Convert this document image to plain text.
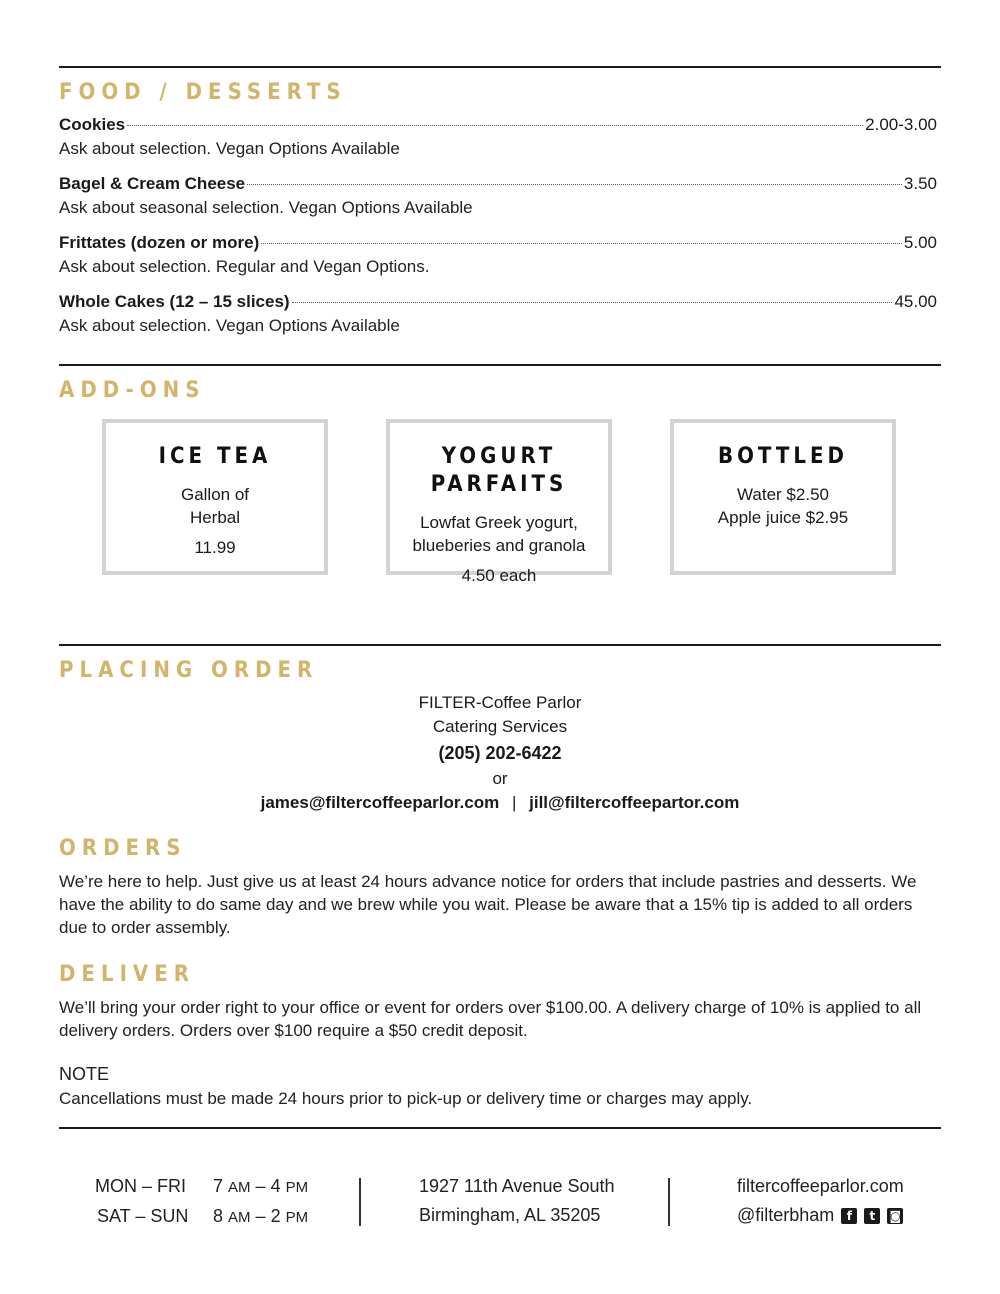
FOOD / DESSERTS
Cookies	2.00-3.00
Ask about selection. Vegan Options Available
Bagel & Cream Cheese	3.50
Ask about seasonal selection. Vegan Options Available
Frittates (dozen or more)	5.00
Ask about selection. Regular and Vegan Options.
Whole Cakes (12 – 15 slices)	45.00
Ask about selection. Vegan Options Available
ADD-ONS
ICE TEA
Gallon of
Herbal
11.99
YOGURT PARFAITS
Lowfat Greek yogurt,
blueberies and granola
4.50 each
BOTTLED
Water $2.50
Apple juice $2.95
PLACING ORDER
FILTER-Coffee Parlor
Catering Services
(205) 202-6422
or
james@filtercoffeeparlor.com | jill@filtercoffeepartor.com
ORDERS
We’re here to help. Just give us at least 24 hours advance notice for orders that include pastries and desserts. We have the ability to do same day and we brew while you wait. Please be aware that a 15% tip is added to all orders due to order assembly.
DELIVER
We’ll bring your order right to your office or event for orders over $100.00. A delivery charge of 10% is applied to all delivery orders. Orders over $100 require a $50 credit deposit.
NOTE
Cancellations must be made 24 hours prior to pick-up or delivery time or charges may apply.
MON – FRI 7 AM – 4 PM
SAT – SUN 8 AM – 2 PM
1927 11th Avenue South
Birmingham, AL 35205
filtercoffeeparlor.com
@filterbham f t ◙
